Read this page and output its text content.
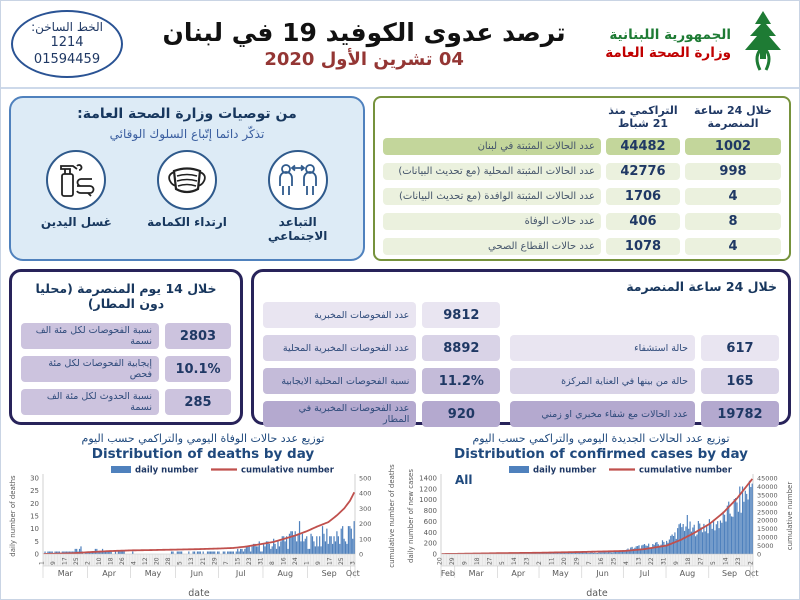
الخط الساخن:
1214
01594459
ترصد عدوى الكوفيد 19 في لبنان
04 تشرين الأول 2020
الجمهورية اللبنانية
وزارة الصحة العامة
من توصيات وزارة الصحة العامة:
تذكّر دائما إتّباع السلوك الوقائي
التباعد الاجتماعي
ارتداء الكمامة
غسل اليدين
التراكمي منذ 21 شباط
خلال 24 ساعة المنصرمة
عدد الحالات المثبتة في لبنان	44482	1002
عدد الحالات المثبتة المحلية (مع تحديث البيانات)	42776	998
عدد الحالات المثبتة الوافدة (مع تحديث البيانات)	1706	4
عدد حالات الوفاة	406	8
عدد حالات القطاع الصحي	1078	4
خلال 14 يوم المنصرمة (محليا دون المطار)
نسبة الفحوصات لكل مئة الف نسمة	2803
إيجابية الفحوصات لكل مئة فحص	10.1%
نسبة الحدوث لكل مئة الف نسمة	285
خلال 24 ساعة المنصرمة
عدد الفحوصات المخبرية	9812
عدد الفحوصات المخبرية المحلية	8892
نسبة الفحوصات المحلية الايجابية	11.2%
عدد الفحوصات المخبرية في المطار	920
حالة استشفاء	617
حالة من بينها في العناية المركزة	165
عدد الحالات مع شفاء مخبري او زمني	19782
توزيع عدد حالات الوفاة اليومي والتراكمي حسب اليوم
Distribution of deaths by day
daily number	cumulative number
0
5
10
15
20
25
30
0
100
200
300
400
500
1 9 17 25 2 10 18 26 4 12 20 28 5 13 21 29 7 15 23 31 8 16 24 1 9 17 25 3
Mar	Apr	May	Jun	Jul	Aug	Sep Oct
date
daily number of deaths	cumulative number of deaths
توزيع عدد الحالات الجديدة اليومي والتراكمي حسب اليوم
Distribution of confirmed cases by day
daily number	cumulative number
All
0
200
400
600
800
1000
1200
1400
0
5000
10000
15000
20000
25000
30000
35000
40000
45000
20 29 9 18 27 5 14 23 2 11 20 29 7 16 25 4 13 22 31 9 18 27 5 14 23 2
Feb Mar	Apr	May	Jun	Jul	Aug	Sep Oct
date
daily number of new cases	cumulative number
